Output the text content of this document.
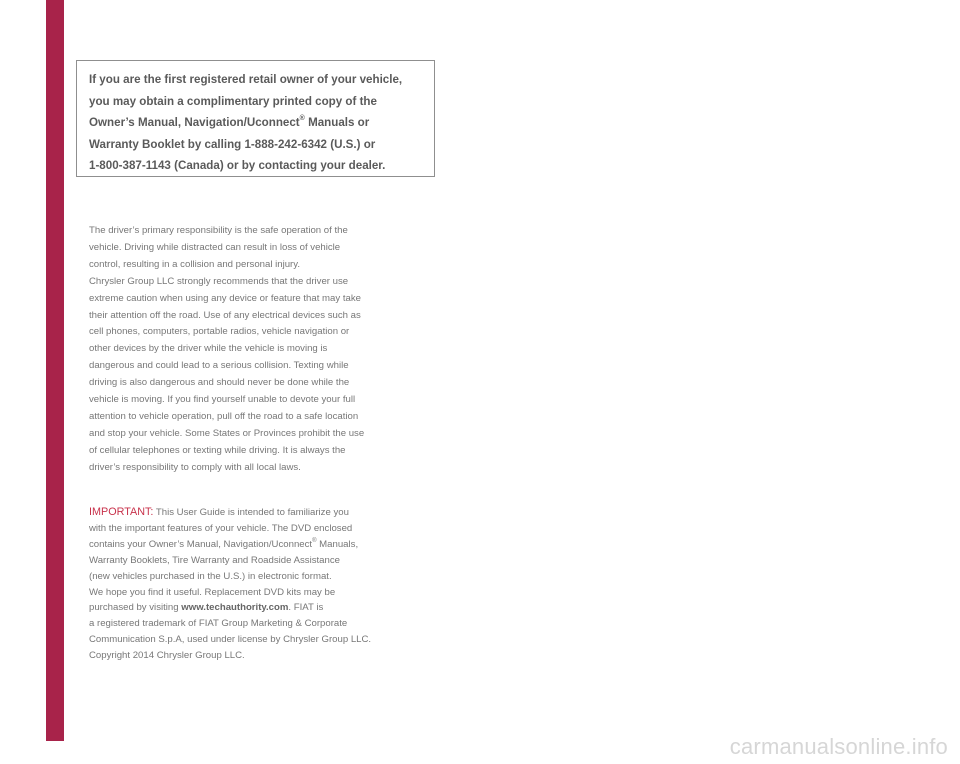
If you are the first registered retail owner of your vehicle,
you may obtain a complimentary printed copy of the
Owner’s Manual, Navigation/Uconnect® Manuals or
Warranty Booklet by calling 1-888-242-6342 (U.S.) or
1-800-387-1143 (Canada) or by contacting your dealer.

The driver’s primary responsibility is the safe operation of the
vehicle. Driving while distracted can result in loss of vehicle
control, resulting in a collision and personal injury.
Chrysler Group LLC strongly recommends that the driver use
extreme caution when using any device or feature that may take
their attention off the road. Use of any electrical devices such as
cell phones, computers, portable radios, vehicle navigation or
other devices by the driver while the vehicle is moving is
dangerous and could lead to a serious collision. Texting while
driving is also dangerous and should never be done while the
vehicle is moving. If you find yourself unable to devote your full
attention to vehicle operation, pull off the road to a safe location
and stop your vehicle. Some States or Provinces prohibit the use
of cellular telephones or texting while driving. It is always the
driver’s responsibility to comply with all local laws.
IMPORTANT: This User Guide is intended to familiarize you
with the important features of your vehicle. The DVD enclosed
contains your Owner’s Manual, Navigation/Uconnect® Manuals,
Warranty Booklets, Tire Warranty and Roadside Assistance
(new vehicles purchased in the U.S.) in electronic format.
We hope you find it useful. Replacement DVD kits may be
purchased by visiting www.techauthority.com. FIAT is
a registered trademark of FIAT Group Marketing & Corporate
Communication S.p.A, used under license by Chrysler Group LLC.
Copyright 2014 Chrysler Group LLC.
carmanualsonline.info
